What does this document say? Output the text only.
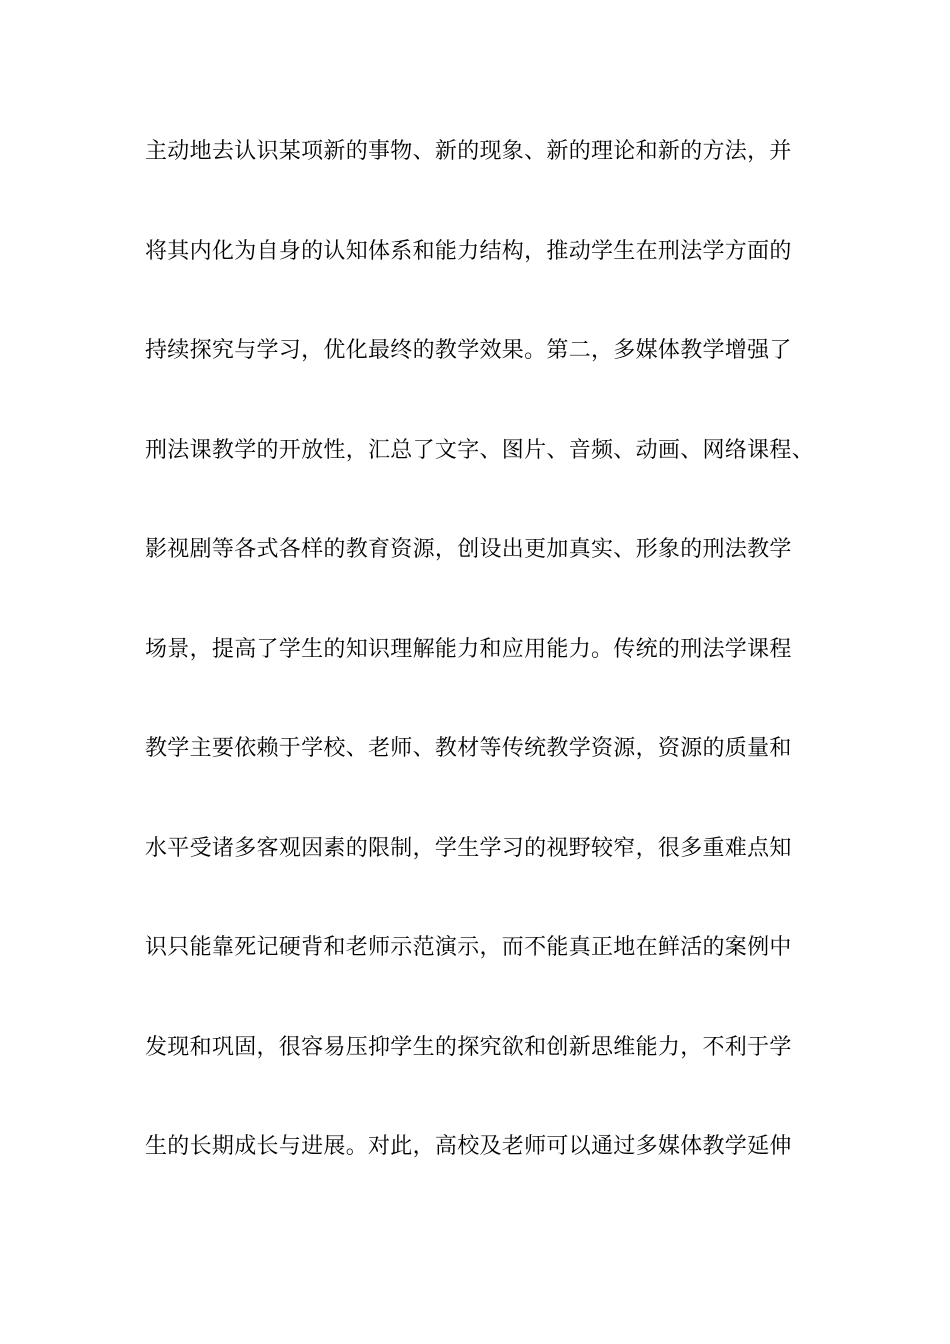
主动地去认识某项新的事物、新的现象、新的理论和新的方法，并
将其内化为自身的认知体系和能力结构，推动学生在刑法学方面的
持续探究与学习，优化最终的教学效果。第二，多媒体教学增强了
刑法课教学的开放性，汇总了文字、图片、音频、动画、网络课程、
影视剧等各式各样的教育资源，创设出更加真实、形象的刑法教学
场景，提高了学生的知识理解能力和应用能力。传统的刑法学课程
教学主要依赖于学校、老师、教材等传统教学资源，资源的质量和
水平受诸多客观因素的限制，学生学习的视野较窄，很多重难点知
识只能靠死记硬背和老师示范演示，而不能真正地在鲜活的案例中
发现和巩固，很容易压抑学生的探究欲和创新思维能力，不利于学
生的长期成长与进展。对此，高校及老师可以通过多媒体教学延伸
